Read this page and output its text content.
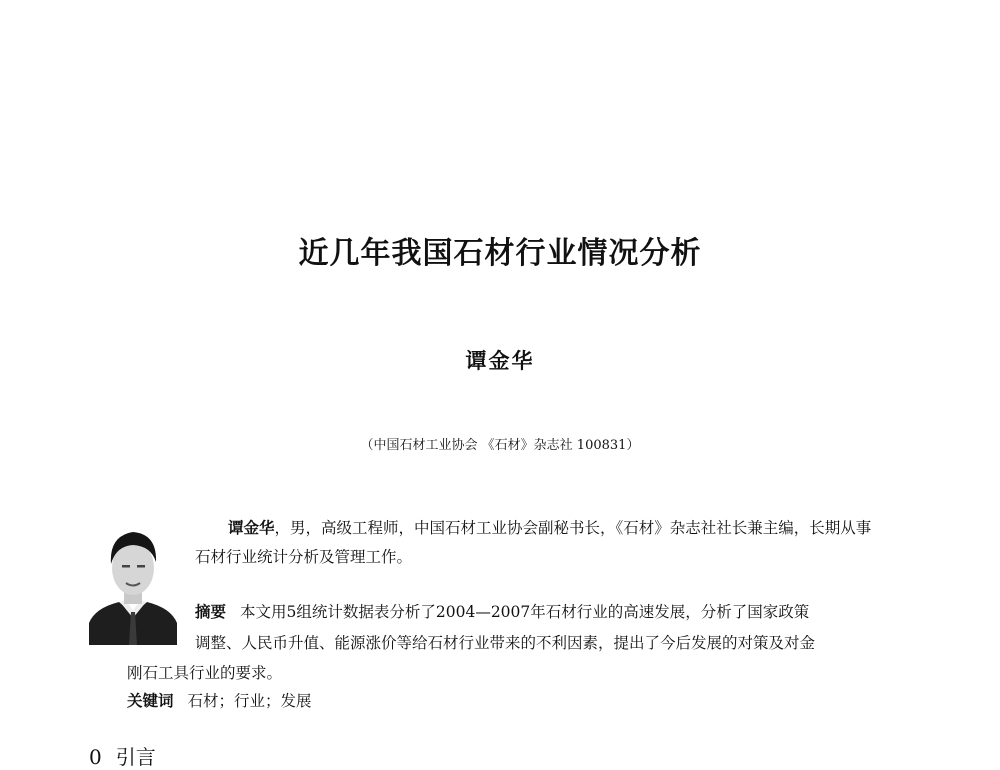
近几年我国石材行业情况分析
谭金华
（中国石材工业协会 《石材》杂志社 100831）
谭金华，男，高级工程师，中国石材工业协会副秘书长，《石材》杂志社社长兼主编，长期从事
石材行业统计分析及管理工作。
摘要 本文用5组统计数据表分析了2004—2007年石材行业的高速发展，分析了国家政策
调整、人民币升值、能源涨价等给石材行业带来的不利因素，提出了今后发展的对策及对金
刚石工具行业的要求。
关键词 石材；行业；发展
0 引言
